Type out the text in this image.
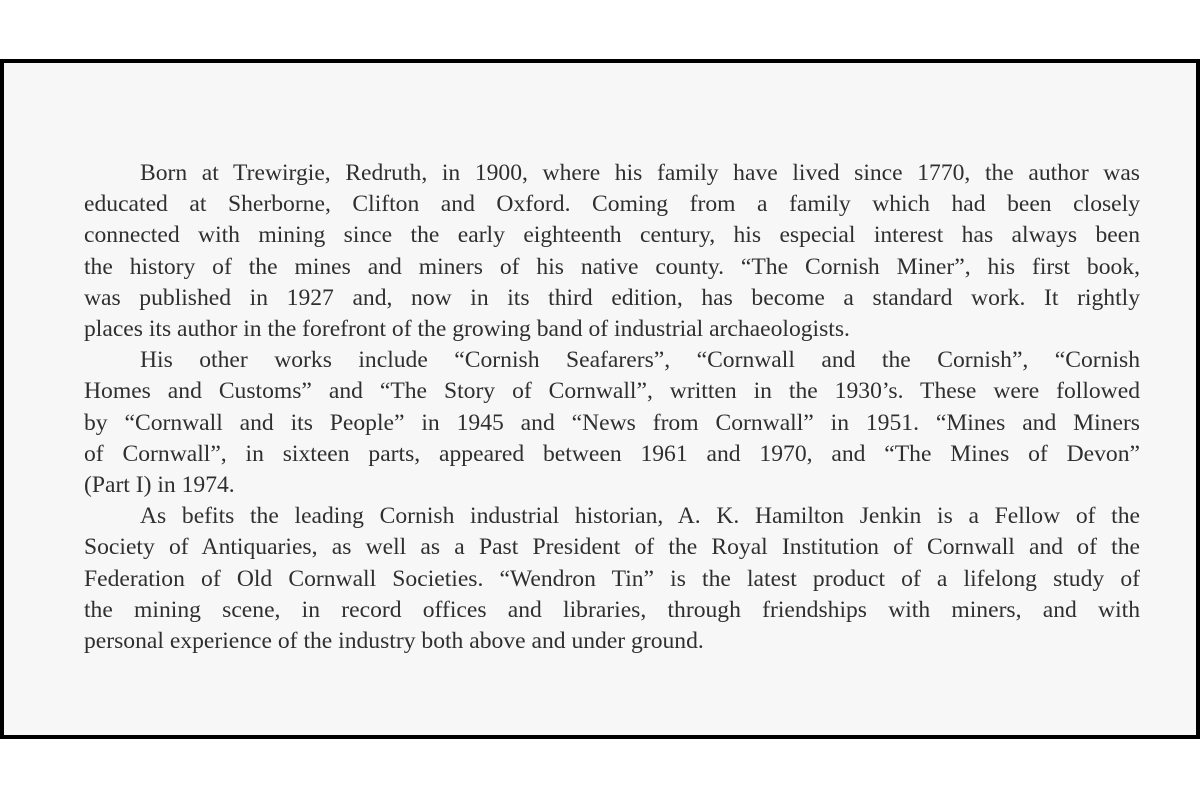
Born at Trewirgie, Redruth, in 1900, where his family have lived since 1770, the author was
educated at Sherborne, Clifton and Oxford. Coming from a family which had been closely
connected with mining since the early eighteenth century, his especial interest has always been
the history of the mines and miners of his native county. “The Cornish Miner”, his first book,
was published in 1927 and, now in its third edition, has become a standard work. It rightly
places its author in the forefront of the growing band of industrial archaeologists.
His other works include “Cornish Seafarers”, “Cornwall and the Cornish”, “Cornish
Homes and Customs” and “The Story of Cornwall”, written in the 1930’s. These were followed
by “Cornwall and its People” in 1945 and “News from Cornwall” in 1951. “Mines and Miners
of Cornwall”, in sixteen parts, appeared between 1961 and 1970, and “The Mines of Devon”
(Part I) in 1974.
As befits the leading Cornish industrial historian, A. K. Hamilton Jenkin is a Fellow of the
Society of Antiquaries, as well as a Past President of the Royal Institution of Cornwall and of the
Federation of Old Cornwall Societies. “Wendron Tin” is the latest product of a lifelong study of
the mining scene, in record offices and libraries, through friendships with miners, and with
personal experience of the industry both above and under ground.
